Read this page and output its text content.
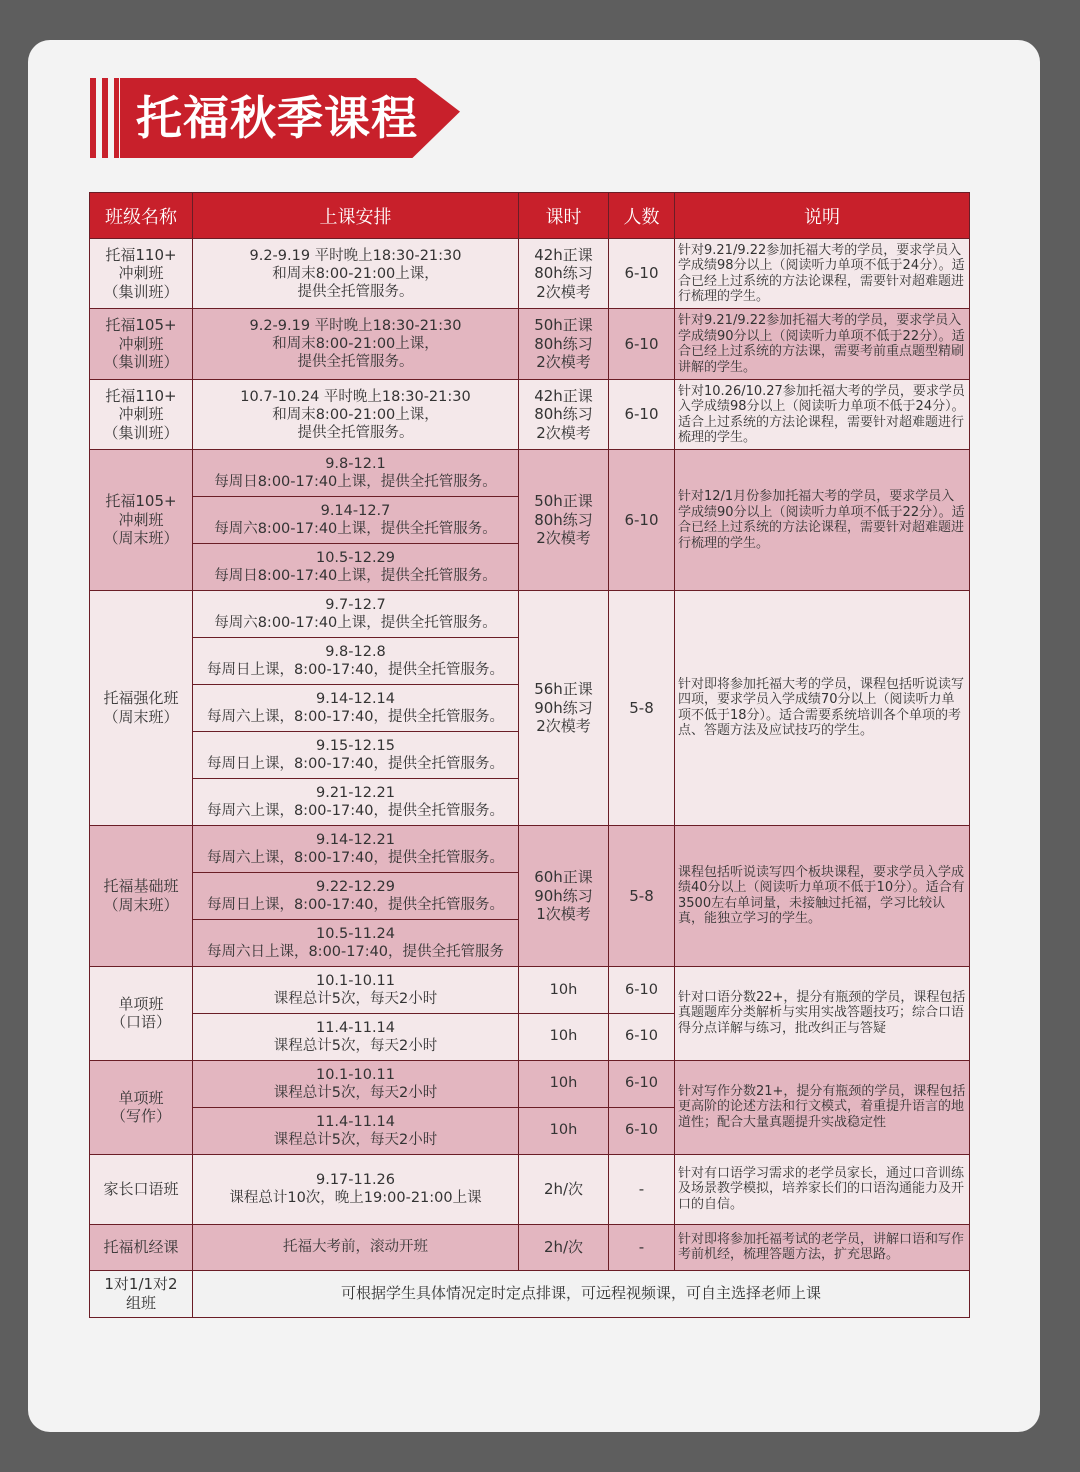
托福秋季课程
班级名称	上课安排	课时	人数	说明
托福110+
冲刺班
（集训班）	9.2-9.19 平时晚上18:30-21:30
和周末8:00-21:00上课，
提供全托管服务。	42h正课
80h练习
2次模考	6-10	针对9.21/9.22参加托福大考的学员，要求学员入学成绩98分以上（阅读听力单项不低于24分）。适合已经上过系统的方法论课程，需要针对超难题进行梳理的学生。
托福105+
冲刺班
（集训班）	9.2-9.19 平时晚上18:30-21:30
和周末8:00-21:00上课，
提供全托管服务。	50h正课
80h练习
2次模考	6-10	针对9.21/9.22参加托福大考的学员，要求学员入学成绩90分以上（阅读听力单项不低于22分）。适合已经上过系统的方法课，需要考前重点题型精刷讲解的学生。
托福110+
冲刺班
（集训班）	10.7-10.24 平时晚上18:30-21:30
和周末8:00-21:00上课，
提供全托管服务。	42h正课
80h练习
2次模考	6-10	针对10.26/10.27参加托福大考的学员，要求学员入学成绩98分以上（阅读听力单项不低于24分）。适合上过系统的方法论课程，需要针对超难题进行梳理的学生。
托福105+
冲刺班
（周末班）	9.8-12.1
每周日8:00-17:40上课，提供全托管服务。	50h正课
80h练习
2次模考	6-10	针对12/1月份参加托福大考的学员，要求学员入学成绩90分以上（阅读听力单项不低于22分）。适合已经上过系统的方法论课程，需要针对超难题进行梳理的学生。
	9.14-12.7
每周六8:00-17:40上课，提供全托管服务。			
	10.5-12.29
每周日8:00-17:40上课，提供全托管服务。			
托福强化班
（周末班）	9.7-12.7
每周六8:00-17:40上课，提供全托管服务。	56h正课
90h练习
2次模考	5-8	针对即将参加托福大考的学员，课程包括听说读写四项，要求学员入学成绩70分以上（阅读听力单项不低于18分）。适合需要系统培训各个单项的考点、答题方法及应试技巧的学生。
	9.8-12.8
每周日上课，8:00-17:40，提供全托管服务。			
	9.14-12.14
每周六上课，8:00-17:40，提供全托管服务。			
	9.15-12.15
每周日上课，8:00-17:40，提供全托管服务。			
	9.21-12.21
每周六上课，8:00-17:40，提供全托管服务。			
托福基础班
（周末班）	9.14-12.21
每周六上课，8:00-17:40，提供全托管服务。	60h正课
90h练习
1次模考	5-8	课程包括听说读写四个板块课程，要求学员入学成绩40分以上（阅读听力单项不低于10分）。适合有3500左右单词量，未接触过托福，学习比较认真，能独立学习的学生。
	9.22-12.29
每周日上课，8:00-17:40，提供全托管服务。			
	10.5-11.24
每周六日上课，8:00-17:40，提供全托管服务			
单项班
（口语）	10.1-10.11
课程总计5次，每天2小时	10h	6-10	针对口语分数22+，提分有瓶颈的学员，课程包括真题题库分类解析与实用实战答题技巧；综合口语得分点详解与练习，批改纠正与答疑
	11.4-11.14
课程总计5次，每天2小时	10h	6-10	
单项班
（写作）	10.1-10.11
课程总计5次，每天2小时	10h	6-10	针对写作分数21+，提分有瓶颈的学员，课程包括更高阶的论述方法和行文模式，着重提升语言的地道性；配合大量真题提升实战稳定性
	11.4-11.14
课程总计5次，每天2小时	10h	6-10	
家长口语班	9.17-11.26
课程总计10次，晚上19:00-21:00上课	2h/次	-	针对有口语学习需求的老学员家长，通过口音训练及场景教学模拟，培养家长们的口语沟通能力及开口的自信。
托福机经课	托福大考前，滚动开班	2h/次	-	针对即将参加托福考试的老学员，讲解口语和写作考前机经，梳理答题方法，扩充思路。
1对1/1对2
组班	可根据学生具体情况定时定点排课，可远程视频课，可自主选择老师上课			
